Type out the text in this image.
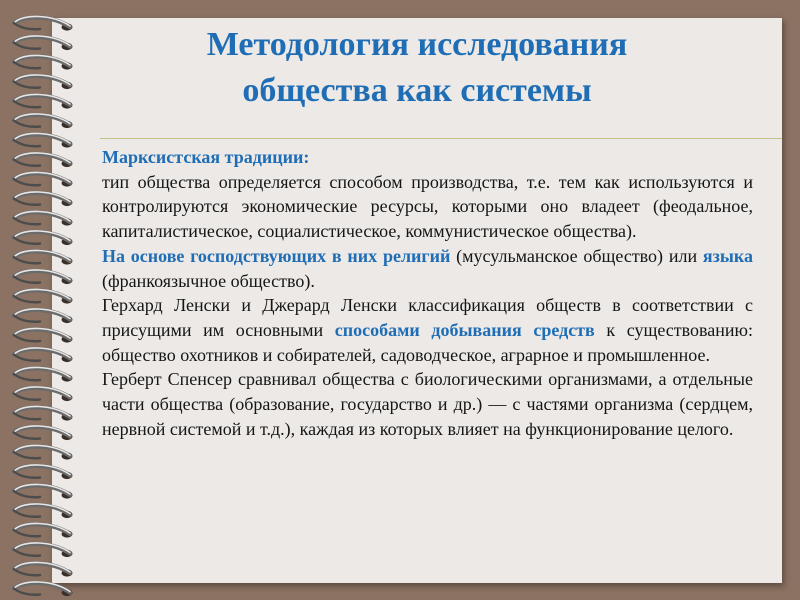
Методология исследования
общества как системы

Марксистская традиции:
тип общества определяется способом производства, т.е. тем как используются и контролируются экономические ресурсы, которыми оно владеет (феодальное, капиталистическое, социалистическое, коммунистическое общества).

На основе господствующих в них религий (мусульманское общество) или языка (франкоязычное общество).

Герхард Ленски и Джерард Ленски классификация обществ в соответствии с присущими им основными способами добывания средств к существованию: общество охотников и собирателей, садоводческое, аграрное и промышленное.

Герберт Спенсер сравнивал общества с биологическими организмами, а отдельные части общества (образование, государство и др.) — с частями организма (сердцем, нервной системой и т.д.), каждая из которых влияет на функционирование целого.
